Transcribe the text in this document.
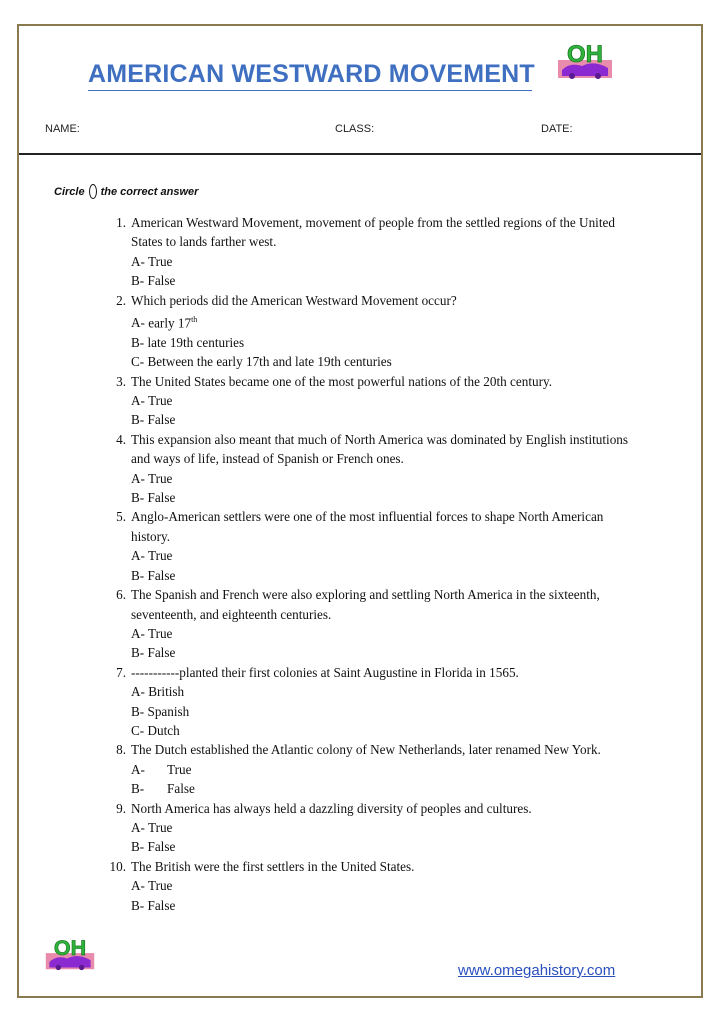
AMERICAN WESTWARD MOVEMENT
OH
NAME:	CLASS:	DATE:
Circle the correct answer
1. American Westward Movement, movement of people from the settled regions of the United States to lands farther west.
A- True
B- False
2. Which periods did the American Westward Movement occur?
A- early 17th
B- late 19th centuries
C- Between the early 17th and late 19th centuries
3. The United States became one of the most powerful nations of the 20th century.
A- True
B- False
4. This expansion also meant that much of North America was dominated by English institutions and ways of life, instead of Spanish or French ones.
A- True
B- False
5. Anglo-American settlers were one of the most influential forces to shape North American history.
A- True
B- False
6. The Spanish and French were also exploring and settling North America in the sixteenth, seventeenth, and eighteenth centuries.
A- True
B- False
7. -----------planted their first colonies at Saint Augustine in Florida in 1565.
A- British
B- Spanish
C- Dutch
8. The Dutch established the Atlantic colony of New Netherlands, later renamed New York.
A- True
B- False
9. North America has always held a dazzling diversity of peoples and cultures.
A- True
B- False
10. The British were the first settlers in the United States.
A- True
B- False
OH
www.omegahistory.com
